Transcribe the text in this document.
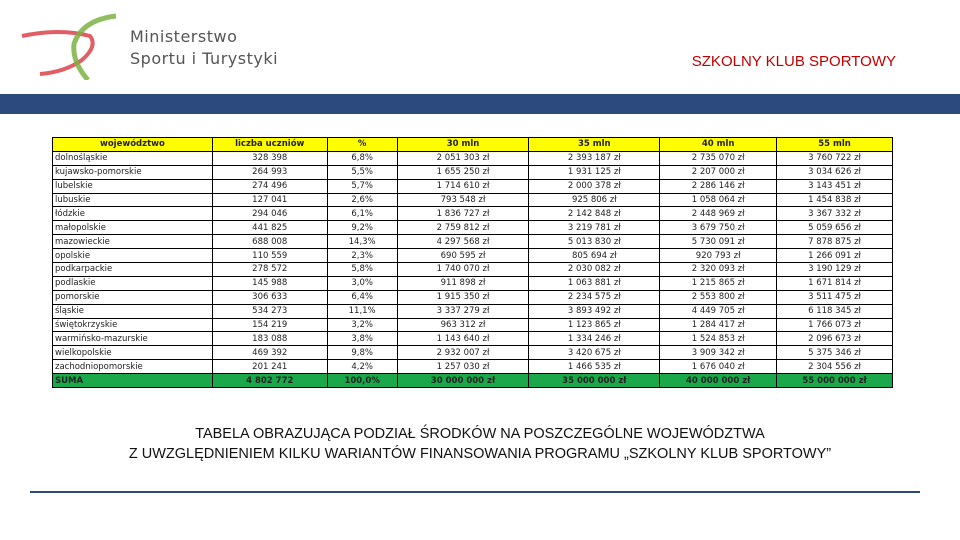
Ministerstwo
Sportu i Turystyki	SZKOLNY KLUB SPORTOWY
województwo	liczba uczniów	%	30 mln	35 mln	40 mln	55 mln
dolnośląskie	328 398	6,8%	2 051 303 zł	2 393 187 zł	2 735 070 zł	3 760 722 zł
kujawsko-pomorskie	264 993	5,5%	1 655 250 zł	1 931 125 zł	2 207 000 zł	3 034 626 zł
lubelskie	274 496	5,7%	1 714 610 zł	2 000 378 zł	2 286 146 zł	3 143 451 zł
lubuskie	127 041	2,6%	793 548 zł	925 806 zł	1 058 064 zł	1 454 838 zł
łódzkie	294 046	6,1%	1 836 727 zł	2 142 848 zł	2 448 969 zł	3 367 332 zł
małopolskie	441 825	9,2%	2 759 812 zł	3 219 781 zł	3 679 750 zł	5 059 656 zł
mazowieckie	688 008	14,3%	4 297 568 zł	5 013 830 zł	5 730 091 zł	7 878 875 zł
opolskie	110 559	2,3%	690 595 zł	805 694 zł	920 793 zł	1 266 091 zł
podkarpackie	278 572	5,8%	1 740 070 zł	2 030 082 zł	2 320 093 zł	3 190 129 zł
podlaskie	145 988	3,0%	911 898 zł	1 063 881 zł	1 215 865 zł	1 671 814 zł
pomorskie	306 633	6,4%	1 915 350 zł	2 234 575 zł	2 553 800 zł	3 511 475 zł
śląskie	534 273	11,1%	3 337 279 zł	3 893 492 zł	4 449 705 zł	6 118 345 zł
świętokrzyskie	154 219	3,2%	963 312 zł	1 123 865 zł	1 284 417 zł	1 766 073 zł
warmińsko-mazurskie	183 088	3,8%	1 143 640 zł	1 334 246 zł	1 524 853 zł	2 096 673 zł
wielkopolskie	469 392	9,8%	2 932 007 zł	3 420 675 zł	3 909 342 zł	5 375 346 zł
zachodniopomorskie	201 241	4,2%	1 257 030 zł	1 466 535 zł	1 676 040 zł	2 304 556 zł
SUMA	4 802 772	100,0%	30 000 000 zł	35 000 000 zł	40 000 000 zł	55 000 000 zł
TABELA OBRAZUJĄCA PODZIAŁ ŚRODKÓW NA POSZCZEGÓLNE WOJEWÓDZTWA
Z UWZGLĘDNIENIEM KILKU WARIANTÓW FINANSOWANIA PROGRAMU „SZKOLNY KLUB SPORTOWY”
